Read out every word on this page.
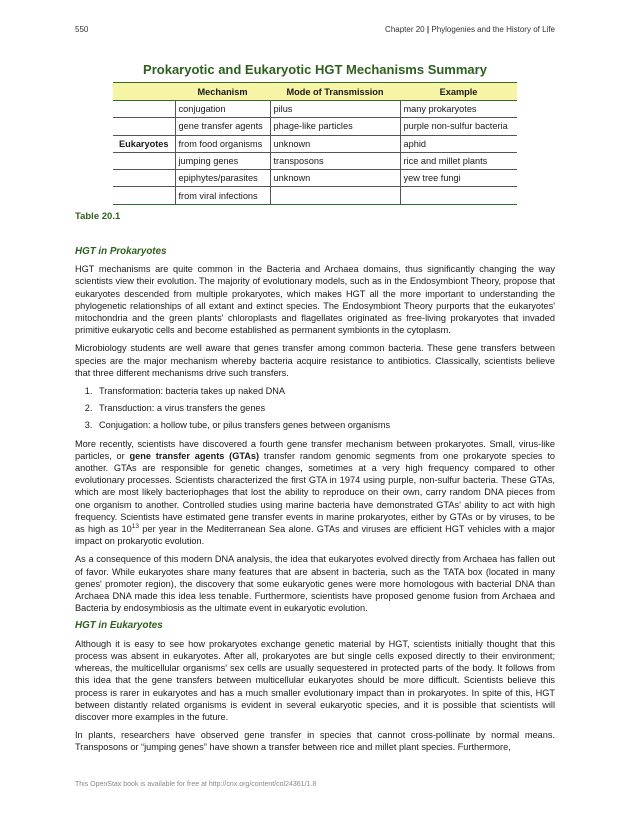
550	Chapter 20 | Phylogenies and the History of Life
Prokaryotic and Eukaryotic HGT Mechanisms Summary
	Mechanism	Mode of Transmission	Example
	conjugation	pilus	many prokaryotes
	gene transfer agents	phage-like particles	purple non-sulfur bacteria
Eukaryotes	from food organisms	unknown	aphid
	jumping genes	transposons	rice and millet plants
	epiphytes/parasites	unknown	yew tree fungi
	from viral infections		
Table 20.1
HGT in Prokaryotes

HGT mechanisms are quite common in the Bacteria and Archaea domains, thus significantly changing the way scientists view their evolution. The majority of evolutionary models, such as in the Endosymbiont Theory, propose that eukaryotes descended from multiple prokaryotes, which makes HGT all the more important to understanding the phylogenetic relationships of all extant and extinct species. The Endosymbiont Theory purports that the eukaryotes' mitochondria and the green plants' chloroplasts and flagellates originated as free-living prokaryotes that invaded primitive eukaryotic cells and become established as permanent symbionts in the cytoplasm.

Microbiology students are well aware that genes transfer among common bacteria. These gene transfers between species are the major mechanism whereby bacteria acquire resistance to antibiotics. Classically, scientists believe that three different mechanisms drive such transfers.

1. Transformation: bacteria takes up naked DNA
2. Transduction: a virus transfers the genes
3. Conjugation: a hollow tube, or pilus transfers genes between organisms

More recently, scientists have discovered a fourth gene transfer mechanism between prokaryotes. Small, virus-like particles, or gene transfer agents (GTAs) transfer random genomic segments from one prokaryote species to another. GTAs are responsible for genetic changes, sometimes at a very high frequency compared to other evolutionary processes. Scientists characterized the first GTA in 1974 using purple, non-sulfur bacteria. These GTAs, which are most likely bacteriophages that lost the ability to reproduce on their own, carry random DNA pieces from one organism to another. Controlled studies using marine bacteria have demonstrated GTAs' ability to act with high frequency. Scientists have estimated gene transfer events in marine prokaryotes, either by GTAs or by viruses, to be as high as $10^{13}$ per year in the Mediterranean Sea alone. GTAs and viruses are efficient HGT vehicles with a major impact on prokaryotic evolution.

As a consequence of this modern DNA analysis, the idea that eukaryotes evolved directly from Archaea has fallen out of favor. While eukaryotes share many features that are absent in bacteria, such as the TATA box (located in many genes' promoter region), the discovery that some eukaryotic genes were more homologous with bacterial DNA than Archaea DNA made this idea less tenable. Furthermore, scientists have proposed genome fusion from Archaea and Bacteria by endosymbiosis as the ultimate event in eukaryotic evolution.

HGT in Eukaryotes

Although it is easy to see how prokaryotes exchange genetic material by HGT, scientists initially thought that this process was absent in eukaryotes. After all, prokaryotes are but single cells exposed directly to their environment; whereas, the multicellular organisms' sex cells are usually sequestered in protected parts of the body. It follows from this idea that the gene transfers between multicellular eukaryotes should be more difficult. Scientists believe this process is rarer in eukaryotes and has a much smaller evolutionary impact than in prokaryotes. In spite of this, HGT between distantly related organisms is evident in several eukaryotic species, and it is possible that scientists will discover more examples in the future.

In plants, researchers have observed gene transfer in species that cannot cross-pollinate by normal means. Transposons or “jumping genes” have shown a transfer between rice and millet plant species. Furthermore,

This OpenStax book is available for free at http://cnx.org/content/col24361/1.8
